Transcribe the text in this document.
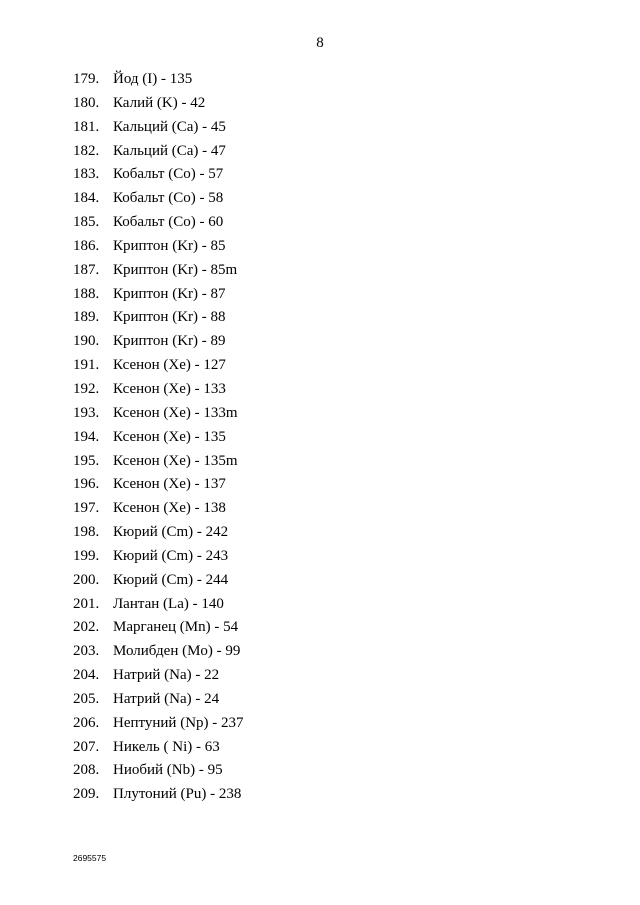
8
179. Йод (I) - 135
180. Калий (K) - 42
181. Кальций (Ca) - 45
182. Кальций (Ca) - 47
183. Кобальт (Co) - 57
184. Кобальт (Co) - 58
185. Кобальт (Co) - 60
186. Криптон (Kr) - 85
187. Криптон (Kr) - 85m
188. Криптон (Kr) - 87
189. Криптон (Kr) - 88
190. Криптон (Kr) - 89
191. Ксенон (Xe) - 127
192. Ксенон (Xe) - 133
193. Ксенон (Xe) - 133m
194. Ксенон (Xe) - 135
195. Ксенон (Xe) - 135m
196. Ксенон (Xe) - 137
197. Ксенон (Xe) - 138
198. Кюрий (Cm) - 242
199. Кюрий (Cm) - 243
200. Кюрий (Cm) - 244
201. Лантан (La) - 140
202. Марганец (Mn) - 54
203. Молибден (Mo) - 99
204. Натрий (Na) - 22
205. Натрий (Na) - 24
206. Нептуний (Np) - 237
207. Никель ( Ni) - 63
208. Ниобий (Nb) - 95
209. Плутоний (Pu) - 238
2695575
